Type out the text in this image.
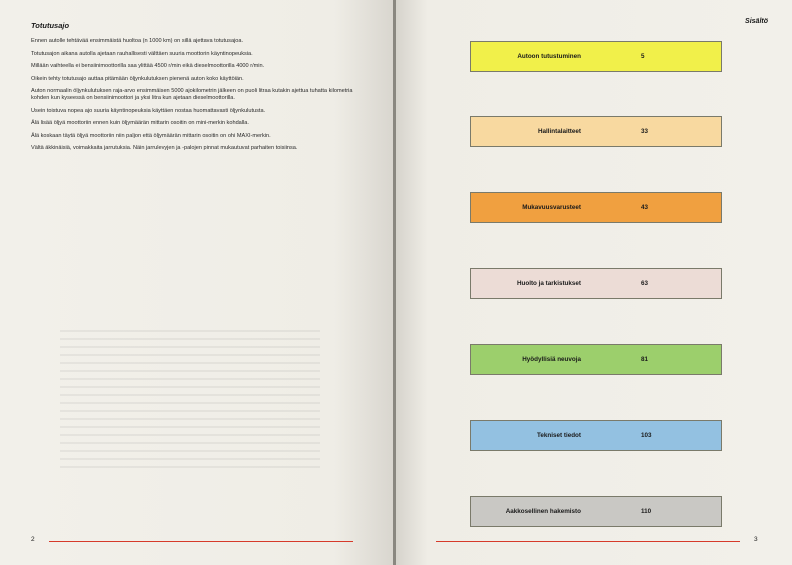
Totutusajo

Ennen autolle tehtävää ensimmäistä huoltoa (n 1000 km) on sillä ajettava totutusajoa.

Totutusajon aikana autolla ajetaan rauhallisesti välttäen suuria moottorin käyntinopeuksia.

Millään vaihteella ei bensiinimoottorilla saa ylittää 4500 r/min eikä dieselmoottorilla 4000 r/min.

Oikein tehty totutusajo auttaa pitämään öljynkulutuksen pienenä auton koko käyttöiän.

Auton normaalin öljynkulutuksen raja-arvo ensimmäisen 5000 ajokilometrin jälkeen on puoli litraa kutakin ajettua tuhatta kilometria kohden kun kyseessä on bensiinimoottori ja yksi litra kun ajetaan dieselmoottorilla.

Usein toistuva nopea ajo suuria käyntinopeuksia käyttäen nostaa huomattavasti öljynkulutusta.

Älä lisää öljyä moottoriin ennen kuin öljymäärän mittarin osoitin on mini-merkin kohdalla.

Älä koskaan täytä öljyä moottoriin niin paljon että öljymäärän mittarin osoitin on ohi MAXI-merkin.

Vältä äkkinäisiä, voimakkaita jarrutuksia. Näin jarrulevyjen ja -palojen pinnat mukautuvat parhaiten toisiinsa.

2
Sisältö
Autoon tutustuminen	5
Hallintalaitteet	33
Mukavuusvarusteet	43
Huolto ja tarkistukset	63
Hyödyllisiä neuvoja	81
Tekniset tiedot	103
Aakkosellinen hakemisto	110
3
